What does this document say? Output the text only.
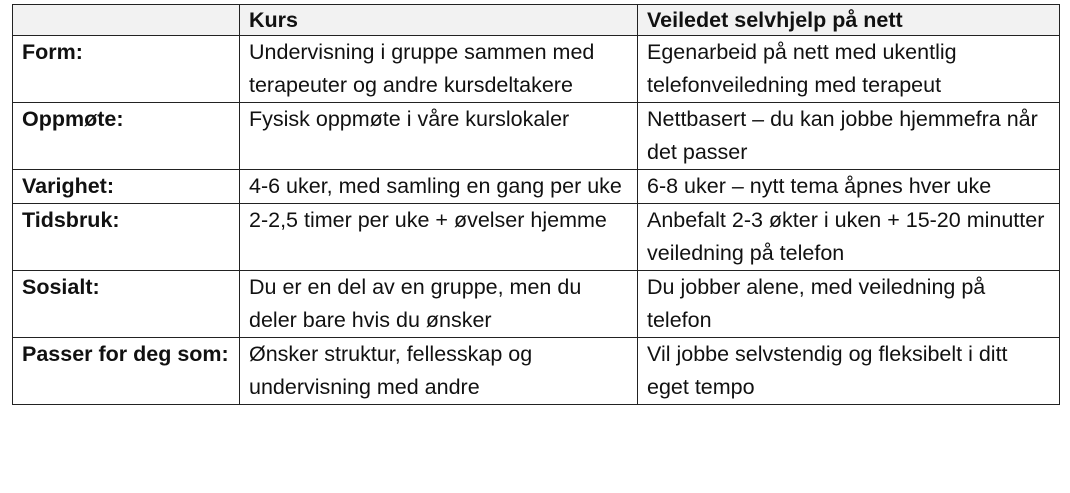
	Kurs	Veiledet selvhjelp på nett
Form:	Undervisning i gruppe sammen med terapeuter og andre kursdeltakere	Egenarbeid på nett med ukentlig telefonveiledning med terapeut
Oppmøte:	Fysisk oppmøte i våre kurslokaler	Nettbasert – du kan jobbe hjemmefra når det passer
Varighet:	4-6 uker, med samling en gang per uke	6-8 uker – nytt tema åpnes hver uke
Tidsbruk:	2-2,5 timer per uke + øvelser hjemme	Anbefalt 2-3 økter i uken + 15-20 minutter veiledning på telefon
Sosialt:	Du er en del av en gruppe, men du deler bare hvis du ønsker	Du jobber alene, med veiledning på telefon
Passer for deg som:	Ønsker struktur, fellesskap og undervisning med andre	Vil jobbe selvstendig og fleksibelt i ditt eget tempo
